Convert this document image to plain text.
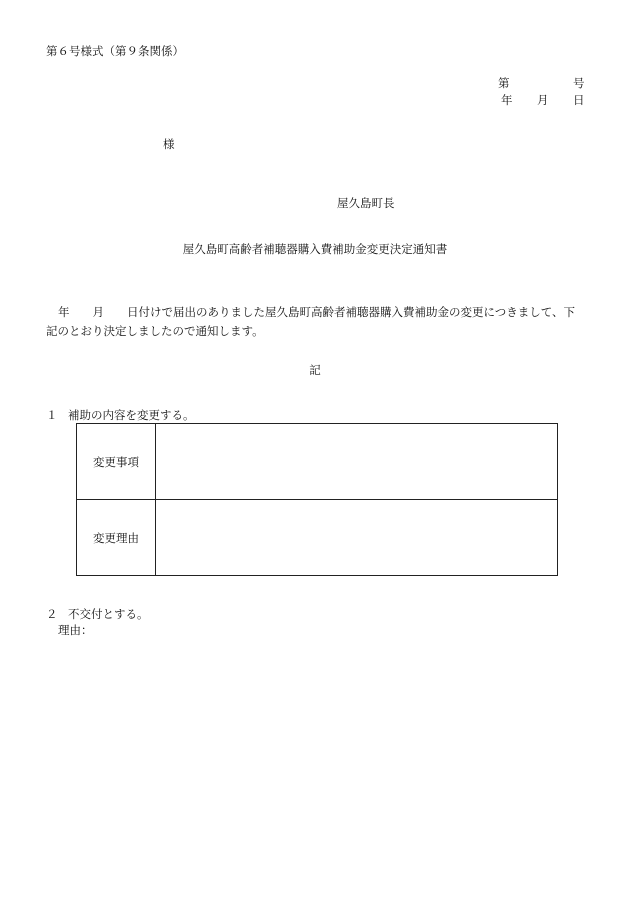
第６号様式（第９条関係）
第	号
年	月	日
様
屋久島町長
屋久島町高齢者補聴器購入費補助金変更決定通知書
年　　月　　日付けで届出のありました屋久島町高齢者補聴器購入費補助金の変更につきまして、下記のとおり決定しましたので通知します。
記
１ 補助の内容を変更する。
変更事項	
変更理由	
２ 不交付とする。
理由：
